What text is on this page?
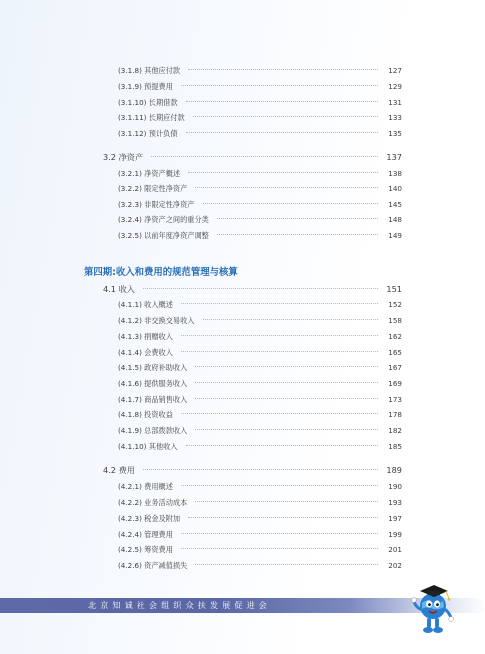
(3.1.8) 其他应付款	127
(3.1.9) 预提费用	129
(3.1.10) 长期借款	131
(3.1.11) 长期应付款	133
(3.1.12) 预计负债	135
3.2 净资产	137
(3.2.1) 净资产概述	138
(3.2.2) 限定性净资产	140
(3.2.3) 非限定性净资产	145
(3.2.4) 净资产之间的重分类	148
(3.2.5) 以前年度净资产调整	149
第四期:收入和费用的规范管理与核算
4.1 收入	151
(4.1.1) 收入概述	152
(4.1.2) 非交换交易收入	158
(4.1.3) 捐赠收入	162
(4.1.4) 会费收入	165
(4.1.5) 政府补助收入	167
(4.1.6) 提供服务收入	169
(4.1.7) 商品销售收入	173
(4.1.8) 投资收益	178
(4.1.9) 总部拨款收入	182
(4.1.10) 其他收入	185
4.2 费用	189
(4.2.1) 费用概述	190
(4.2.2) 业务活动成本	193
(4.2.3) 税金及附加	197
(4.2.4) 管理费用	199
(4.2.5) 筹资费用	201
(4.2.6) 资产减值损失	202
北京知诚社会组织众扶发展促进会
